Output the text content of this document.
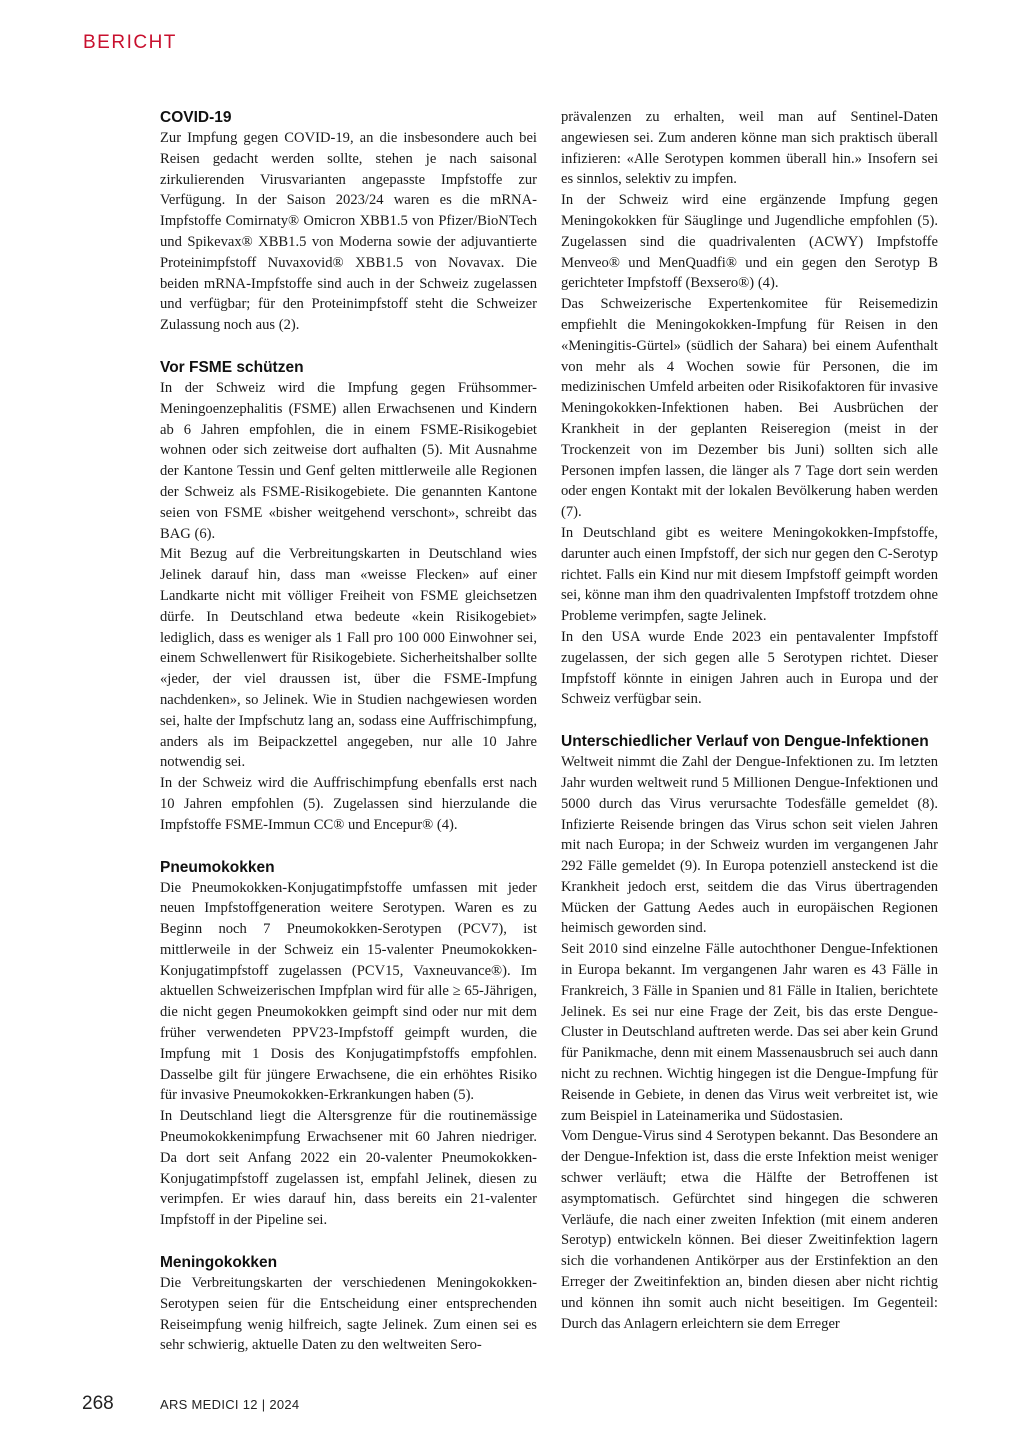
BERICHT
COVID-19

Zur Impfung gegen COVID-19, an die insbesondere auch bei Reisen gedacht werden sollte, stehen je nach saisonal zirkulierenden Virusvarianten angepasste Impfstoffe zur Verfügung. In der Saison 2023/24 waren es die mRNA-Impfstoffe Comirnaty® Omicron XBB1.5 von Pfizer/BioNTech und Spikevax® XBB1.5 von Moderna sowie der adjuvantierte Proteinimpfstoff Nuvaxovid® XBB1.5 von Novavax. Die beiden mRNA-Impfstoffe sind auch in der Schweiz zugelassen und verfügbar; für den Proteinimpfstoff steht die Schweizer Zulassung noch aus (2).

Vor FSME schützen

In der Schweiz wird die Impfung gegen Frühsommer-Meningoenzephalitis (FSME) allen Erwachsenen und Kindern ab 6 Jahren empfohlen, die in einem FSME-Risikogebiet wohnen oder sich zeitweise dort aufhalten (5). Mit Ausnahme der Kantone Tessin und Genf gelten mittlerweile alle Regionen der Schweiz als FSME-Risikogebiete. Die genannten Kantone seien von FSME «bisher weitgehend verschont», schreibt das BAG (6).

Mit Bezug auf die Verbreitungskarten in Deutschland wies Jelinek darauf hin, dass man «weisse Flecken» auf einer Landkarte nicht mit völliger Freiheit von FSME gleichsetzen dürfe. In Deutschland etwa bedeute «kein Risikogebiet» lediglich, dass es weniger als 1 Fall pro 100 000 Einwohner sei, einem Schwellenwert für Risikogebiete. Sicherheitshalber sollte «jeder, der viel draussen ist, über die FSME-Impfung nachdenken», so Jelinek. Wie in Studien nachgewiesen worden sei, halte der Impfschutz lang an, sodass eine Auffrischimpfung, anders als im Beipackzettel angegeben, nur alle 10 Jahre notwendig sei.

In der Schweiz wird die Auffrischimpfung ebenfalls erst nach 10 Jahren empfohlen (5). Zugelassen sind hierzulande die Impfstoffe FSME-Immun CC® und Encepur® (4).

Pneumokokken

Die Pneumokokken-Konjugatimpfstoffe umfassen mit jeder neuen Impfstoffgeneration weitere Serotypen. Waren es zu Beginn noch 7 Pneumokokken-Serotypen (PCV7), ist mittlerweile in der Schweiz ein 15-valenter Pneumokokken-Konjugatimpfstoff zugelassen (PCV15, Vaxneuvance®). Im aktuellen Schweizerischen Impfplan wird für alle ≥ 65-Jährigen, die nicht gegen Pneumokokken geimpft sind oder nur mit dem früher verwendeten PPV23-Impfstoff geimpft wurden, die Impfung mit 1 Dosis des Konjugatimpfstoffs empfohlen. Dasselbe gilt für jüngere Erwachsene, die ein erhöhtes Risiko für invasive Pneumokokken-Erkrankungen haben (5).

In Deutschland liegt die Altersgrenze für die routinemässige Pneumokokkenimpfung Erwachsener mit 60 Jahren niedriger. Da dort seit Anfang 2022 ein 20-valenter Pneumokokken-Konjugatimpfstoff zugelassen ist, empfahl Jelinek, diesen zu verimpfen. Er wies darauf hin, dass bereits ein 21-valenter Impfstoff in der Pipeline sei.

Meningokokken

Die Verbreitungskarten der verschiedenen Meningokokken-Serotypen seien für die Entscheidung einer entsprechenden Reiseimpfung wenig hilfreich, sagte Jelinek. Zum einen sei es sehr schwierig, aktuelle Daten zu den weltweiten Sero-

prävalenzen zu erhalten, weil man auf Sentinel-Daten angewiesen sei. Zum anderen könne man sich praktisch überall infizieren: «Alle Serotypen kommen überall hin.» Insofern sei es sinnlos, selektiv zu impfen.

In der Schweiz wird eine ergänzende Impfung gegen Meningokokken für Säuglinge und Jugendliche empfohlen (5). Zugelassen sind die quadrivalenten (ACWY) Impfstoffe Menveo® und MenQuadfi® und ein gegen den Serotyp B gerichteter Impfstoff (Bexsero®) (4).

Das Schweizerische Expertenkomitee für Reisemedizin empfiehlt die Meningokokken-Impfung für Reisen in den «Meningitis-Gürtel» (südlich der Sahara) bei einem Aufenthalt von mehr als 4 Wochen sowie für Personen, die im medizinischen Umfeld arbeiten oder Risikofaktoren für invasive Meningokokken-Infektionen haben. Bei Ausbrüchen der Krankheit in der geplanten Reiseregion (meist in der Trockenzeit von im Dezember bis Juni) sollten sich alle Personen impfen lassen, die länger als 7 Tage dort sein werden oder engen Kontakt mit der lokalen Bevölkerung haben werden (7).

In Deutschland gibt es weitere Meningokokken-Impfstoffe, darunter auch einen Impfstoff, der sich nur gegen den C-Serotyp richtet. Falls ein Kind nur mit diesem Impfstoff geimpft worden sei, könne man ihm den quadrivalenten Impfstoff trotzdem ohne Probleme verimpfen, sagte Jelinek.

In den USA wurde Ende 2023 ein pentavalenter Impfstoff zugelassen, der sich gegen alle 5 Serotypen richtet. Dieser Impfstoff könnte in einigen Jahren auch in Europa und der Schweiz verfügbar sein.

Unterschiedlicher Verlauf von Dengue-Infektionen

Weltweit nimmt die Zahl der Dengue-Infektionen zu. Im letzten Jahr wurden weltweit rund 5 Millionen Dengue-Infektionen und 5000 durch das Virus verursachte Todesfälle gemeldet (8). Infizierte Reisende bringen das Virus schon seit vielen Jahren mit nach Europa; in der Schweiz wurden im vergangenen Jahr 292 Fälle gemeldet (9). In Europa potenziell ansteckend ist die Krankheit jedoch erst, seitdem die das Virus übertragenden Mücken der Gattung Aedes auch in europäischen Regionen heimisch geworden sind.

Seit 2010 sind einzelne Fälle autochthoner Dengue-Infektionen in Europa bekannt. Im vergangenen Jahr waren es 43 Fälle in Frankreich, 3 Fälle in Spanien und 81 Fälle in Italien, berichtete Jelinek. Es sei nur eine Frage der Zeit, bis das erste Dengue-Cluster in Deutschland auftreten werde. Das sei aber kein Grund für Panikmache, denn mit einem Massenausbruch sei auch dann nicht zu rechnen. Wichtig hingegen ist die Dengue-Impfung für Reisende in Gebiete, in denen das Virus weit verbreitet ist, wie zum Beispiel in Lateinamerika und Südostasien.

Vom Dengue-Virus sind 4 Serotypen bekannt. Das Besondere an der Dengue-Infektion ist, dass die erste Infektion meist weniger schwer verläuft; etwa die Hälfte der Betroffenen ist asymptomatisch. Gefürchtet sind hingegen die schweren Verläufe, die nach einer zweiten Infektion (mit einem anderen Serotyp) entwickeln können. Bei dieser Zweitinfektion lagern sich die vorhandenen Antikörper aus der Erstinfektion an den Erreger der Zweitinfektion an, binden diesen aber nicht richtig und können ihn somit auch nicht beseitigen. Im Gegenteil: Durch das Anlagern erleichtern sie dem Erreger

268	ARS MEDICI 12 | 2024
